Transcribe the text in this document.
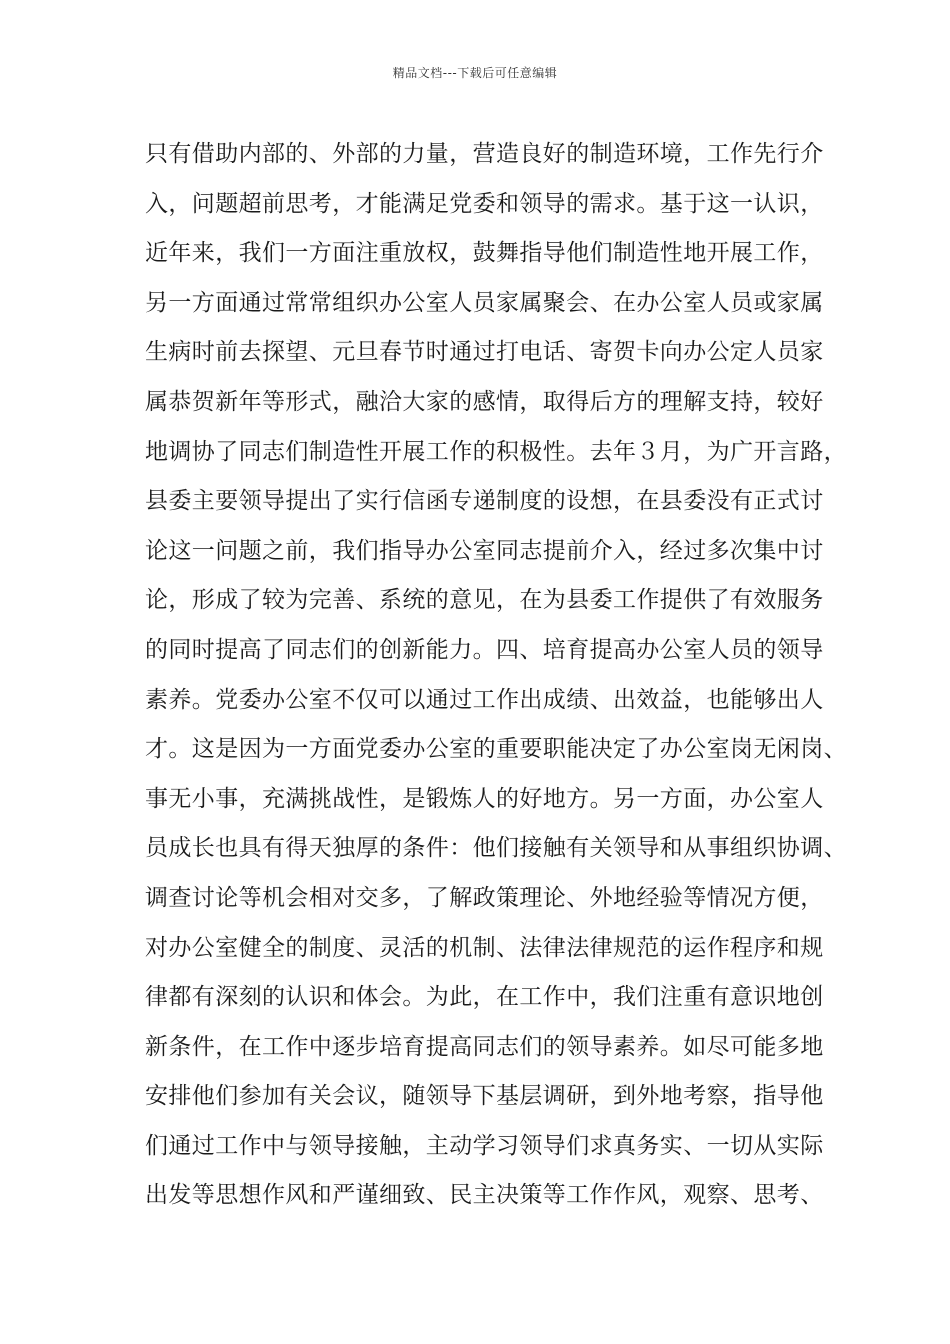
精品文档---下载后可任意编辑
只有借助内部的、外部的力量，营造良好的制造环境，工作先行介
入，问题超前思考，才能满足党委和领导的需求。基于这一认识，
近年来，我们一方面注重放权，鼓舞指导他们制造性地开展工作，
另一方面通过常常组织办公室人员家属聚会、在办公室人员或家属
生病时前去探望、元旦春节时通过打电话、寄贺卡向办公定人员家
属恭贺新年等形式，融洽大家的感情，取得后方的理解支持，较好
地调协了同志们制造性开展工作的积极性。去年３月，为广开言路，
县委主要领导提出了实行信函专递制度的设想，在县委没有正式讨
论这一问题之前，我们指导办公室同志提前介入，经过多次集中讨
论，形成了较为完善、系统的意见，在为县委工作提供了有效服务
的同时提高了同志们的创新能力。四、培育提高办公室人员的领导
素养。党委办公室不仅可以通过工作出成绩、出效益，也能够出人
才。这是因为一方面党委办公室的重要职能决定了办公室岗无闲岗、
事无小事，充满挑战性，是锻炼人的好地方。另一方面，办公室人
员成长也具有得天独厚的条件：他们接触有关领导和从事组织协调、
调查讨论等机会相对交多，了解政策理论、外地经验等情况方便，
对办公室健全的制度、灵活的机制、法律法律规范的运作程序和规
律都有深刻的认识和体会。为此，在工作中，我们注重有意识地创
新条件，在工作中逐步培育提高同志们的领导素养。如尽可能多地
安排他们参加有关会议，随领导下基层调研，到外地考察，指导他
们通过工作中与领导接触，主动学习领导们求真务实、一切从实际
出发等思想作风和严谨细致、民主决策等工作作风，观察、思考、
